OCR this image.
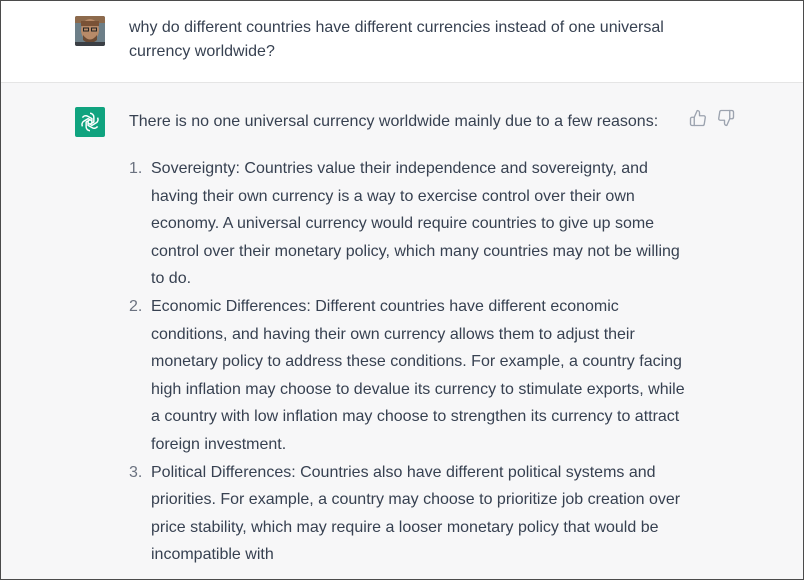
why do different countries have different currencies instead of one universal currency worldwide?

There is no one universal currency worldwide mainly due to a few reasons:

1. Sovereignty: Countries value their independence and sovereignty, and having their own currency is a way to exercise control over their own economy. A universal currency would require countries to give up some control over their monetary policy, which many countries may not be willing to do.
2. Economic Differences: Different countries have different economic conditions, and having their own currency allows them to adjust their monetary policy to address these conditions. For example, a country facing high inflation may choose to devalue its currency to stimulate exports, while a country with low inflation may choose to strengthen its currency to attract foreign investment.
3. Political Differences: Countries also have different political systems and priorities. For example, a country may choose to prioritize job creation over price stability, which may require a looser monetary policy that would be incompatible with
